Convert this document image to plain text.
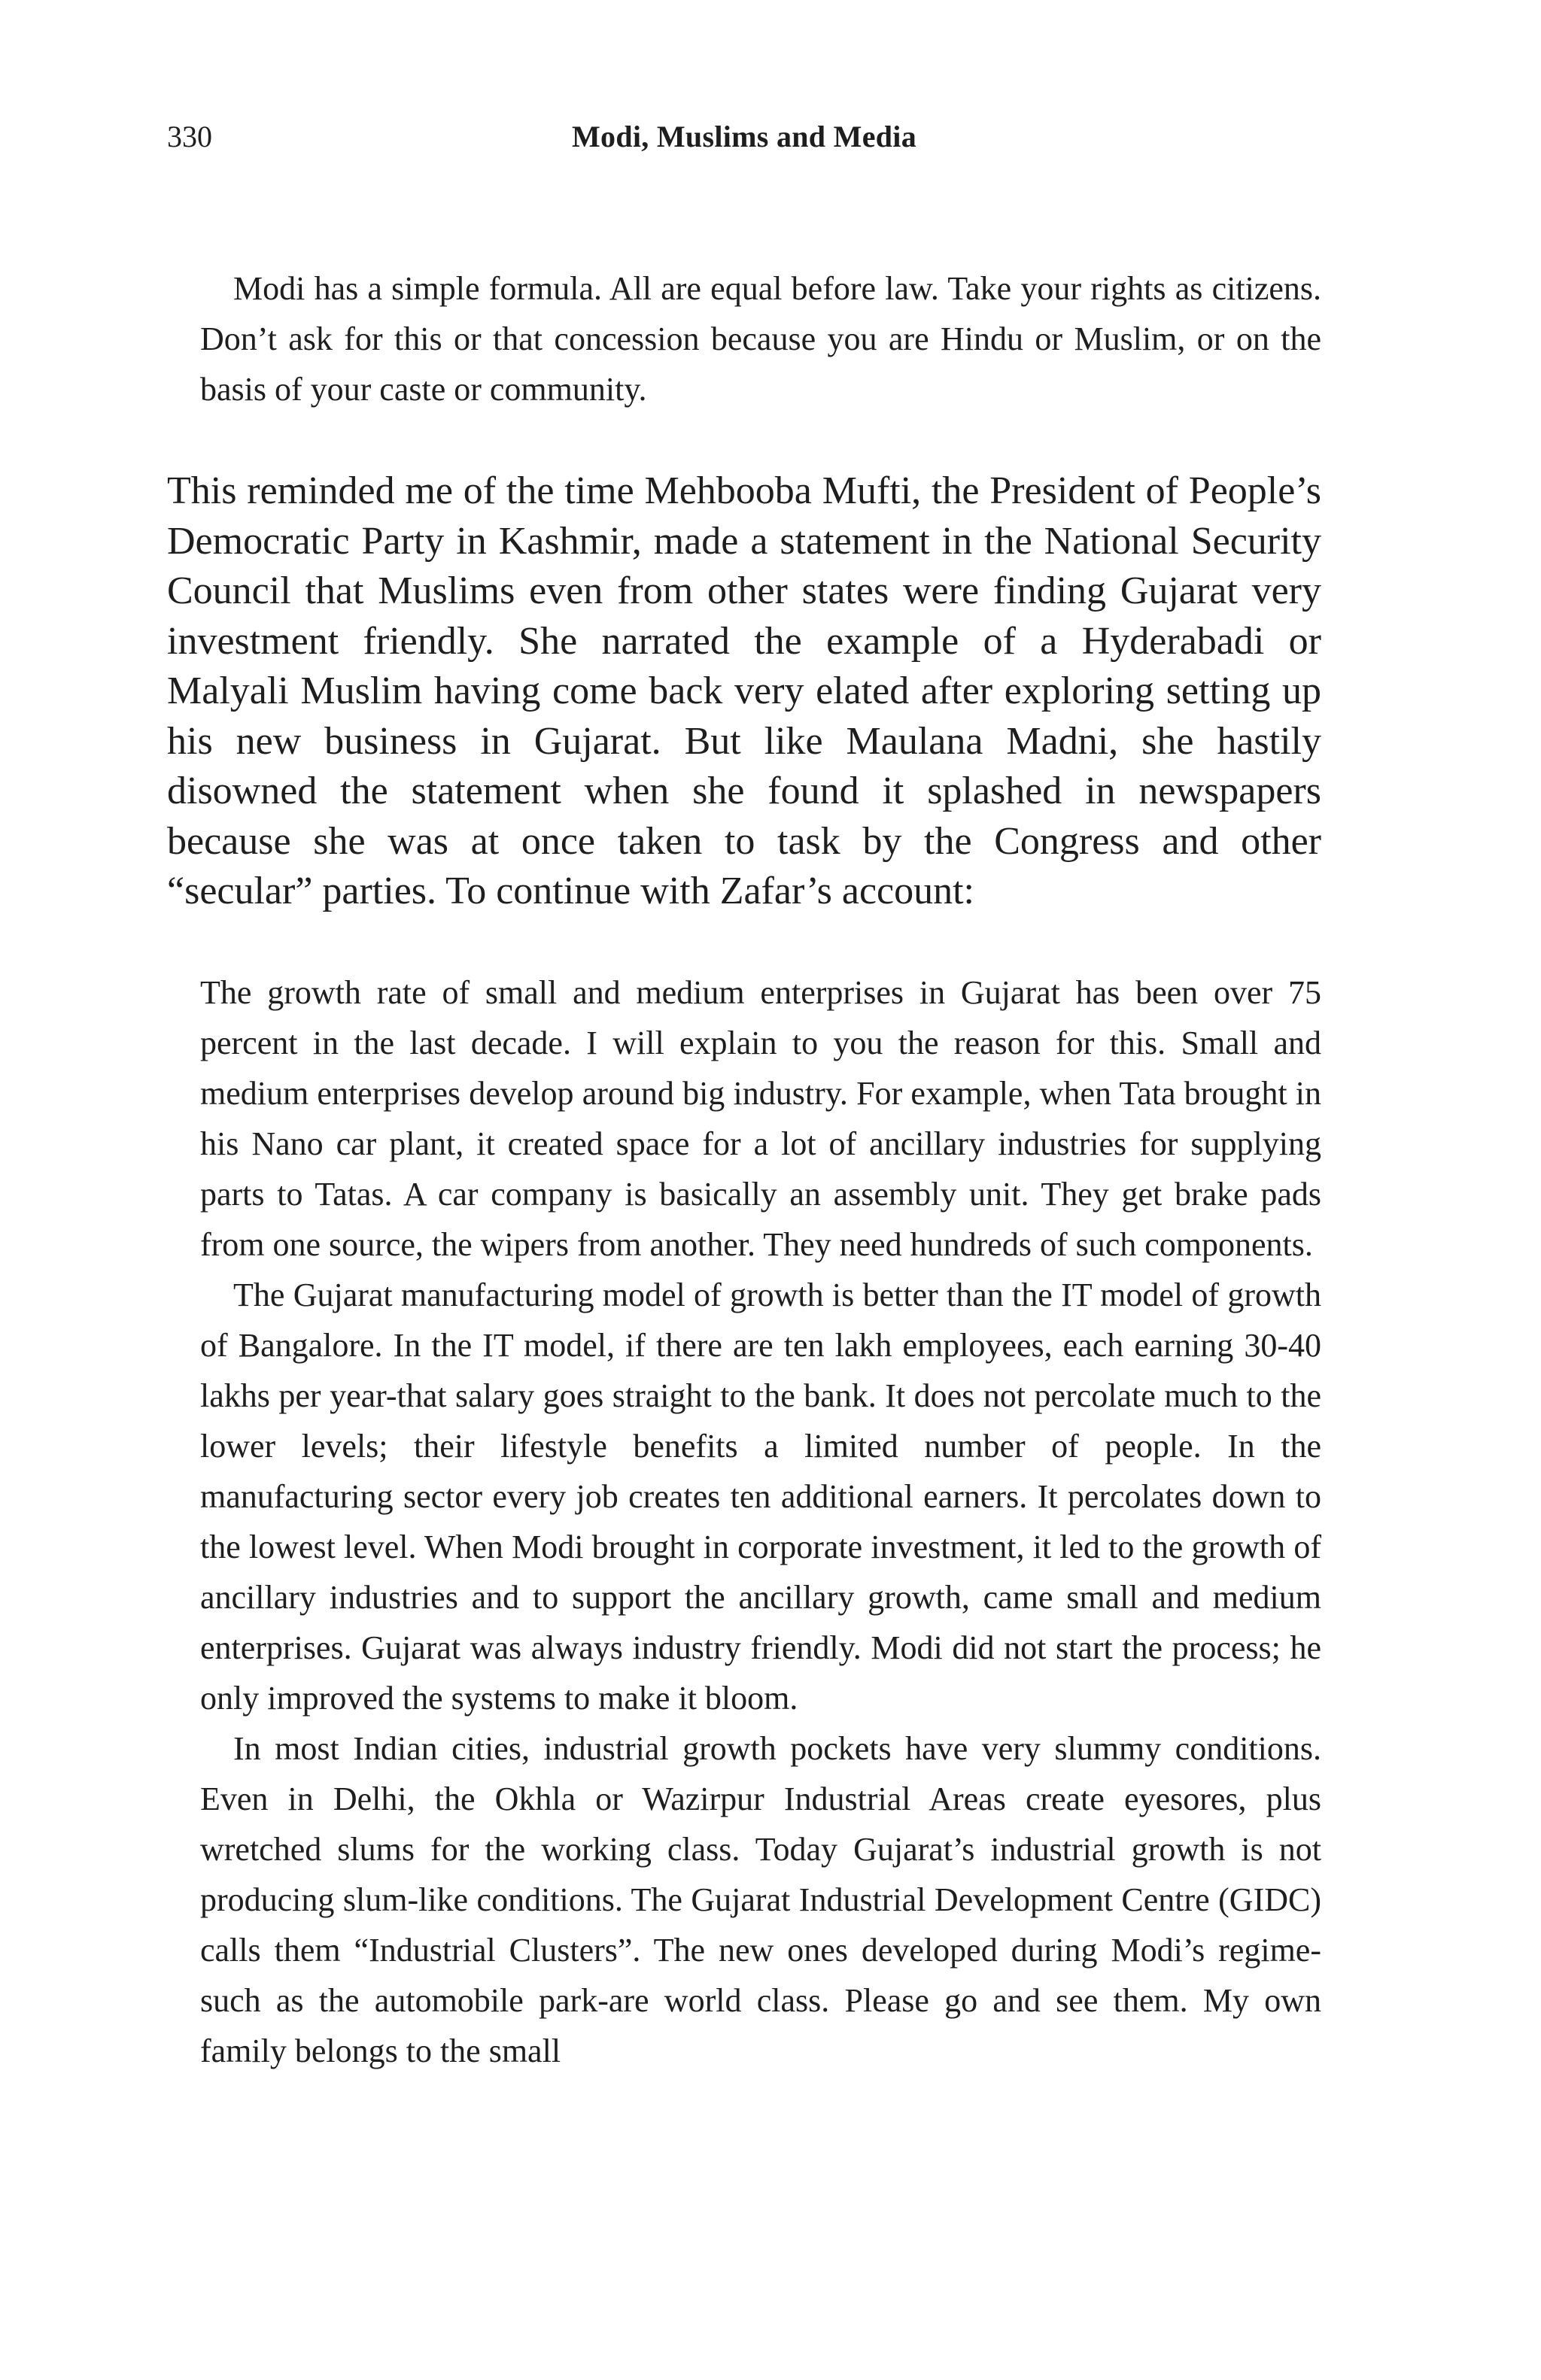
330	Modi, Muslims and Media

Modi has a simple formula. All are equal before law. Take your rights as citizens. Don’t ask for this or that concession because you are Hindu or Muslim, or on the basis of your caste or community.

This reminded me of the time Mehbooba Mufti, the President of People’s Democratic Party in Kashmir, made a statement in the National Security Council that Muslims even from other states were finding Gujarat very investment friendly. She narrated the example of a Hyderabadi or Malyali Muslim having come back very elated after exploring setting up his new business in Gujarat. But like Maulana Madni, she hastily disowned the statement when she found it splashed in newspapers because she was at once taken to task by the Congress and other “secular” parties. To continue with Zafar’s account:

The growth rate of small and medium enterprises in Gujarat has been over 75 percent in the last decade. I will explain to you the reason for this. Small and medium enterprises develop around big industry. For example, when Tata brought in his Nano car plant, it created space for a lot of ancillary industries for supplying parts to Tatas. A car company is basically an assembly unit. They get brake pads from one source, the wipers from another. They need hundreds of such components.

The Gujarat manufacturing model of growth is better than the IT model of growth of Bangalore. In the IT model, if there are ten lakh employees, each earning 30-40 lakhs per year-that salary goes straight to the bank. It does not percolate much to the lower levels; their lifestyle benefits a limited number of people. In the manufacturing sector every job creates ten additional earners. It percolates down to the lowest level. When Modi brought in corporate investment, it led to the growth of ancillary industries and to support the ancillary growth, came small and medium enterprises. Gujarat was always industry friendly. Modi did not start the process; he only improved the systems to make it bloom.

In most Indian cities, industrial growth pockets have very slummy conditions. Even in Delhi, the Okhla or Wazirpur Industrial Areas create eyesores, plus wretched slums for the working class. Today Gujarat’s industrial growth is not producing slum-like conditions. The Gujarat Industrial Development Centre (GIDC) calls them “Industrial Clusters”. The new ones developed during Modi’s regime-such as the automobile park-are world class. Please go and see them. My own family belongs to the small
